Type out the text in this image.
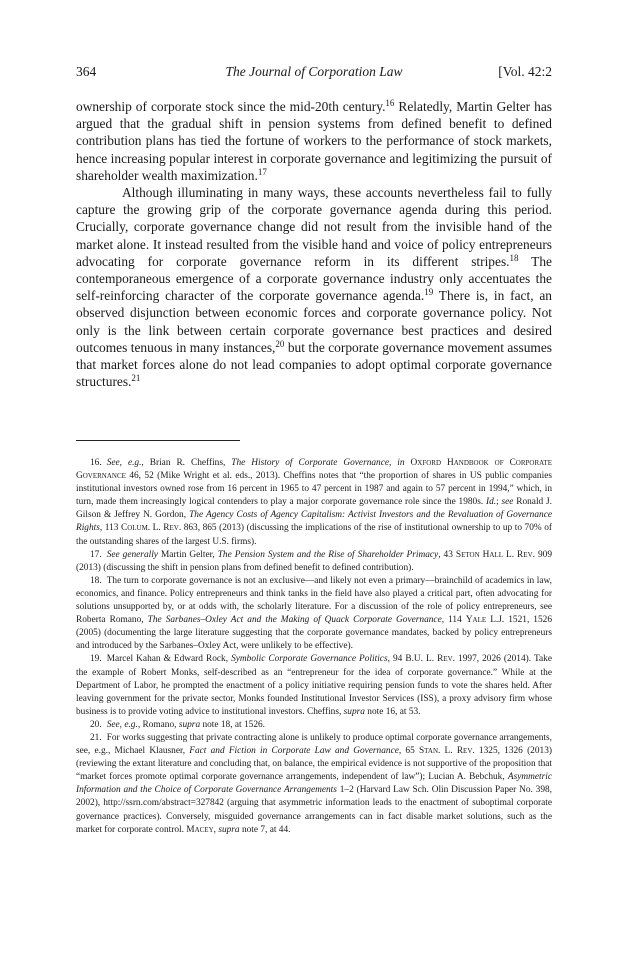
364	The Journal of Corporation Law	[Vol. 42:2

ownership of corporate stock since the mid-20th century.$^{16}$ Relatedly, Martin Gelter has argued that the gradual shift in pension systems from defined benefit to defined contribution plans has tied the fortune of workers to the performance of stock markets, hence increasing popular interest in corporate governance and legitimizing the pursuit of shareholder wealth maximization.$^{17}$

Although illuminating in many ways, these accounts nevertheless fail to fully capture the growing grip of the corporate governance agenda during this period. Crucially, corporate governance change did not result from the invisible hand of the market alone. It instead resulted from the visible hand and voice of policy entrepreneurs advocating for corporate governance reform in its different stripes.$^{18}$ The contemporaneous emergence of a corporate governance industry only accentuates the self-reinforcing character of the corporate governance agenda.$^{19}$ There is, in fact, an observed disjunction between economic forces and corporate governance policy. Not only is the link between certain corporate governance best practices and desired outcomes tenuous in many instances,$^{20}$ but the corporate governance movement assumes that market forces alone do not lead companies to adopt optimal corporate governance structures.$^{21}$

16. See, e.g., Brian R. Cheffins, The History of Corporate Governance, in Oxford Handbook of Corporate Governance 46, 52 (Mike Wright et al. eds., 2013). Cheffins notes that “the proportion of shares in US public companies institutional investors owned rose from 16 percent in 1965 to 47 percent in 1987 and again to 57 percent in 1994,” which, in turn, made them increasingly logical contenders to play a major corporate governance role since the 1980s. Id.; see Ronald J. Gilson & Jeffrey N. Gordon, The Agency Costs of Agency Capitalism: Activist Investors and the Revaluation of Governance Rights, 113 Colum. L. Rev. 863, 865 (2013) (discussing the implications of the rise of institutional ownership to up to 70% of the outstanding shares of the largest U.S. firms).

17. See generally Martin Gelter, The Pension System and the Rise of Shareholder Primacy, 43 Seton Hall L. Rev. 909 (2013) (discussing the shift in pension plans from defined benefit to defined contribution).

18. The turn to corporate governance is not an exclusive—and likely not even a primary—brainchild of academics in law, economics, and finance. Policy entrepreneurs and think tanks in the field have also played a critical part, often advocating for solutions unsupported by, or at odds with, the scholarly literature. For a discussion of the role of policy entrepreneurs, see Roberta Romano, The Sarbanes–Oxley Act and the Making of Quack Corporate Governance, 114 Yale L.J. 1521, 1526 (2005) (documenting the large literature suggesting that the corporate governance mandates, backed by policy entrepreneurs and introduced by the Sarbanes–Oxley Act, were unlikely to be effective).

19. Marcel Kahan & Edward Rock, Symbolic Corporate Governance Politics, 94 B.U. L. Rev. 1997, 2026 (2014). Take the example of Robert Monks, self-described as an “entrepreneur for the idea of corporate governance.” While at the Department of Labor, he prompted the enactment of a policy initiative requiring pension funds to vote the shares held. After leaving government for the private sector, Monks founded Institutional Investor Services (ISS), a proxy advisory firm whose business is to provide voting advice to institutional investors. Cheffins, supra note 16, at 53.

20. See, e.g., Romano, supra note 18, at 1526.

21. For works suggesting that private contracting alone is unlikely to produce optimal corporate governance arrangements, see, e.g., Michael Klausner, Fact and Fiction in Corporate Law and Governance, 65 Stan. L. Rev. 1325, 1326 (2013) (reviewing the extant literature and concluding that, on balance, the empirical evidence is not supportive of the proposition that “market forces promote optimal corporate governance arrangements, independent of law”); Lucian A. Bebchuk, Asymmetric Information and the Choice of Corporate Governance Arrangements 1–2 (Harvard Law Sch. Olin Discussion Paper No. 398, 2002), http://ssrn.com/abstract=327842 (arguing that asymmetric information leads to the enactment of suboptimal corporate governance practices). Conversely, misguided governance arrangements can in fact disable market solutions, such as the market for corporate control. Macey, supra note 7, at 44.
